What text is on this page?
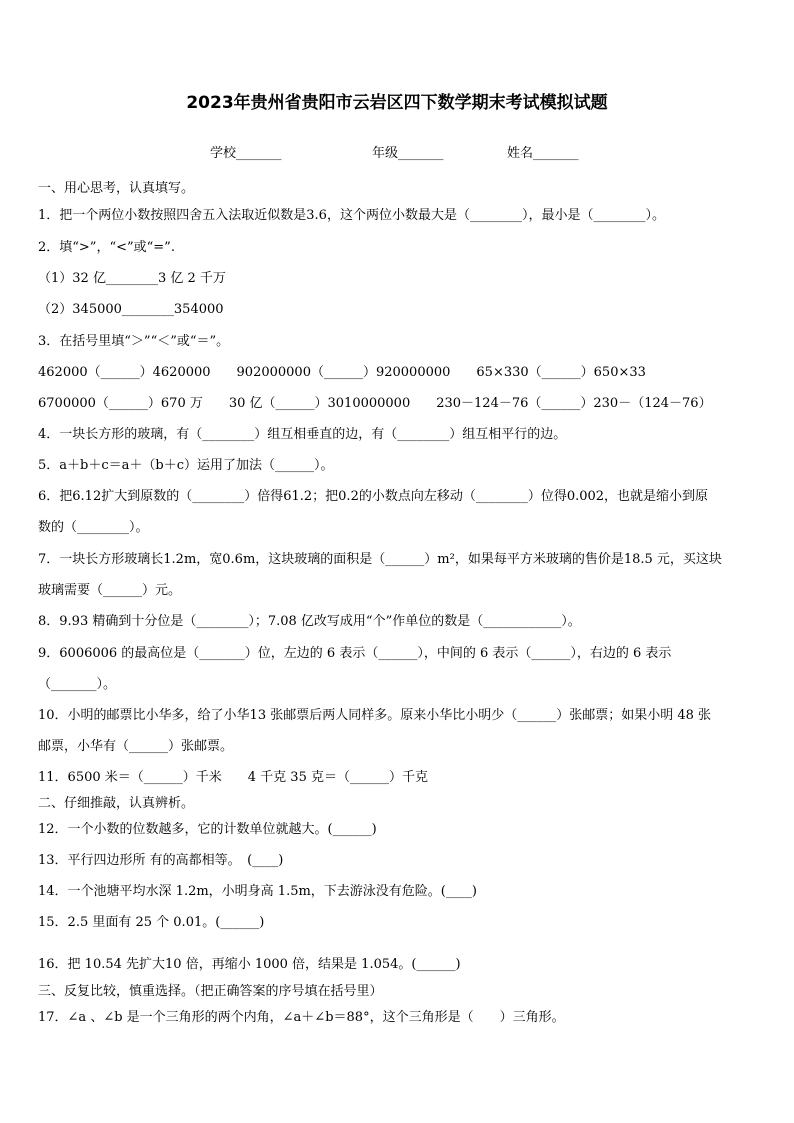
2023年贵州省贵阳市云岩区四下数学期末考试模拟试题
学校_______	年级_______	姓名_______
一、用心思考，认真填写。
1．把一个两位小数按照四舍五入法取近似数是3.6，这个两位小数最大是（________），最小是（________）。
2．填“>”，“<”或“=”.
（1）32 亿________3 亿 2 千万
（2）345000________354000
3．在括号里填“＞”“＜”或“＝”。
462000（______）4620000　　902000000（______）920000000　　65×330（______）650×33
6700000（______）670 万　　30 亿（______）3010000000　　230－124－76（______）230－（124－76）
4．一块长方形的玻璃，有（________）组互相垂直的边，有（________）组互相平行的边。
5．a＋b＋c＝a＋（b＋c）运用了加法（______）。
6．把6.12扩大到原数的（________）倍得61.2；把0.2的小数点向左移动（________）位得0.002，也就是缩小到原
数的（________）。
7．一块长方形玻璃长1.2m，宽0.6m，这块玻璃的面积是（______）m²，如果每平方米玻璃的售价是18.5 元，买这块
玻璃需要（______）元。
8．9.93 精确到十分位是（________）；7.08 亿改写成用“个”作单位的数是（____________）。
9．6006006 的最高位是（_______）位，左边的 6 表示（______），中间的 6 表示（______），右边的 6 表示
（_______）。
10．小明的邮票比小华多，给了小华13 张邮票后两人同样多。原来小华比小明少（______）张邮票；如果小明 48 张
邮票，小华有（______）张邮票。
11．6500 米＝（______）千米　　4 千克 35 克＝（______）千克
二、仔细推敲，认真辨析。
12．一个小数的位数越多，它的计数单位就越大。(______)
13．平行四边形所 有的高都相等。　(____)
14．一个池塘平均水深 1.2m，小明身高 1.5m，下去游泳没有危险。(____)
15．2.5 里面有 25 个 0.01。(______)
16．把 10.54 先扩大10 倍，再缩小 1000 倍，结果是 1.054。(______)
三、反复比较，慎重选择。（把正确答案的序号填在括号里）
17．∠a 、∠b 是一个三角形的两个内角，∠a＋∠b＝88°，这个三角形是（　　）三角形。
